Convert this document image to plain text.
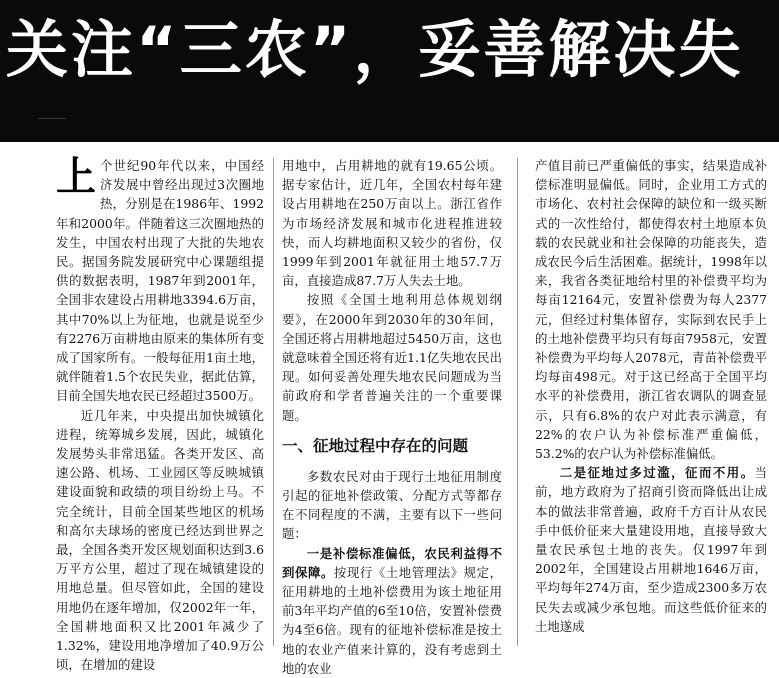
关注“三农”，妥善解决失

上个世纪90年代以来，中国经济发展中曾经出现过3次圈地热，分别是在1986年、1992年和2000年。伴随着这三次圈地热的发生，中国农村出现了大批的失地农民。据国务院发展研究中心课题组提供的数据表明，1987年到2001年，全国非农建设占用耕地3394.6万亩，其中70%以上为征地，也就是说至少有2276万亩耕地由原来的集体所有变成了国家所有。一般每征用1亩土地，就伴随着1.5个农民失业，据此估算，目前全国失地农民已经超过3500万。

近几年来，中央提出加快城镇化进程，统筹城乡发展，因此，城镇化发展势头非常迅猛。各类开发区、高速公路、机场、工业园区等反映城镇建设面貌和政绩的项目纷纷上马。不完全统计，目前全国某些地区的机场和高尔夫球场的密度已经达到世界之最，全国各类开发区规划面积达到3.6万平方公里，超过了现在城镇建设的用地总量。但尽管如此，全国的建设用地仍在逐年增加，仅2002年一年，全国耕地面积又比2001年减少了1.32%，建设用地净增加了40.9万公顷，在增加的建设

用地中，占用耕地的就有19.65公顷。据专家估计，近几年，全国农村每年建设占用耕地在250万亩以上。浙江省作为市场经济发展和城市化进程推进较快，而人均耕地面积又较少的省份，仅1999年到2001年就征用土地57.7万亩，直接造成87.7万人失去土地。

按照《全国土地利用总体规划纲要》，在2000年到2030年的30年间，全国还将占用耕地超过5450万亩，这也就意味着全国还将有近1.1亿失地农民出现。如何妥善处理失地农民问题成为当前政府和学者普遍关注的一个重要课题。

一、征地过程中存在的问题

多数农民对由于现行土地征用制度引起的征地补偿政策、分配方式等都存在不同程度的不满，主要有以下一些问题：

一是补偿标准偏低，农民利益得不到保障。按现行《土地管理法》规定，征用耕地的土地补偿费用为该土地征用前3年平均产值的6至10倍，安置补偿费为4至6倍。现有的征地补偿标准是按土地的农业产值来计算的，没有考虑到土地的农业

产值目前已严重偏低的事实，结果造成补偿标准明显偏低。同时，企业用工方式的市场化、农村社会保障的缺位和一级买断式的一次性给付，都使得农村土地原本负载的农民就业和社会保障的功能丧失，造成农民今后生活困难。据统计，1998年以来，我省各类征地给村里的补偿费平均为每亩12164元，安置补偿费为每人2377元，但经过村集体留存，实际到农民手上的土地补偿费平均只有每亩7958元，安置补偿费为平均每人2078元，青苗补偿费平均每亩498元。对于这已经高于全国平均水平的补偿费用，浙江省农调队的调查显示，只有6.8%的农户对此表示满意，有22%的农户认为补偿标准严重偏低，53.2%的农户认为补偿标准偏低。

二是征地过多过滥，征而不用。当前，地方政府为了招商引资而降低出让成本的做法非常普遍，政府千方百计从农民手中低价征来大量建设用地，直接导致大量农民承包土地的丧失。仅1997年到2002年，全国建设占用耕地1646万亩，平均每年274万亩，至少造成2300多万农民失去或减少承包地。而这些低价征来的土地遂成
